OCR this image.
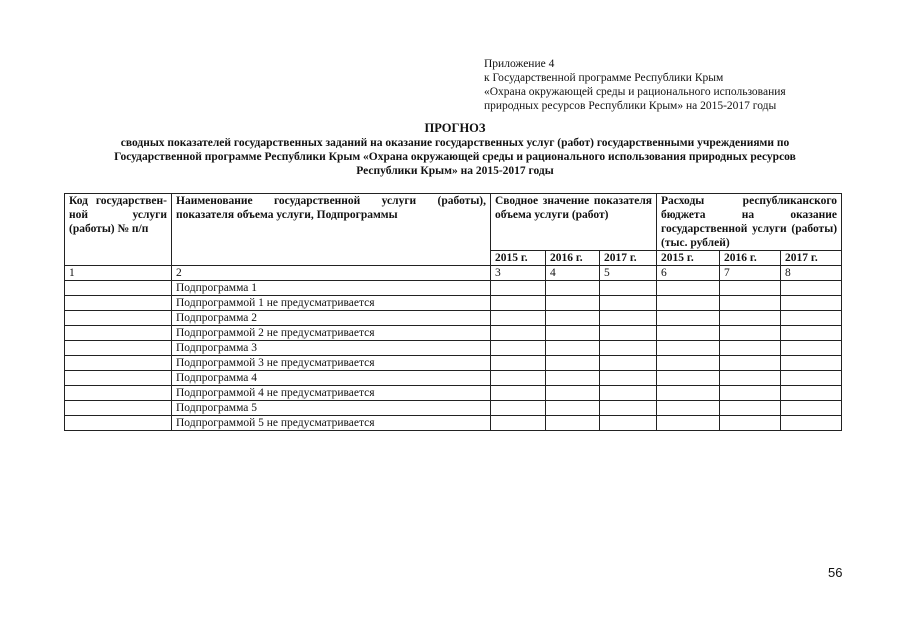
Приложение 4
к Государственной программе Республики Крым
«Охрана окружающей среды и рационального использования
природных ресурсов Республики Крым» на 2015-2017 годы
ПРОГНОЗ
сводных показателей государственных заданий на оказание государственных услуг (работ) государственными учреждениями по
Государственной программе Республики Крым «Охрана окружающей среды и рационального использования природных ресурсов
Республики Крым» на 2015-2017 годы
Код государствен-ной услуги (работы) № п/п	Наименование государственной услуги (работы), показателя объема услуги, Подпрограммы	Сводное значение показателя объема услуги (работ)			Расходы республиканского бюджета на оказание государственной услуги (работы) (тыс. рублей)		
		2015 г.	2016 г.	2017 г.	2015 г.	2016 г.	2017 г.
1	2	3	4	5	6	7	8
	Подпрограмма 1						
	Подпрограммой 1 не предусматривается						
	Подпрограмма 2						
	Подпрограммой 2 не предусматривается						
	Подпрограмма 3						
	Подпрограммой 3 не предусматривается						
	Подпрограмма 4						
	Подпрограммой 4 не предусматривается						
	Подпрограмма 5						
	Подпрограммой 5 не предусматривается						
56
